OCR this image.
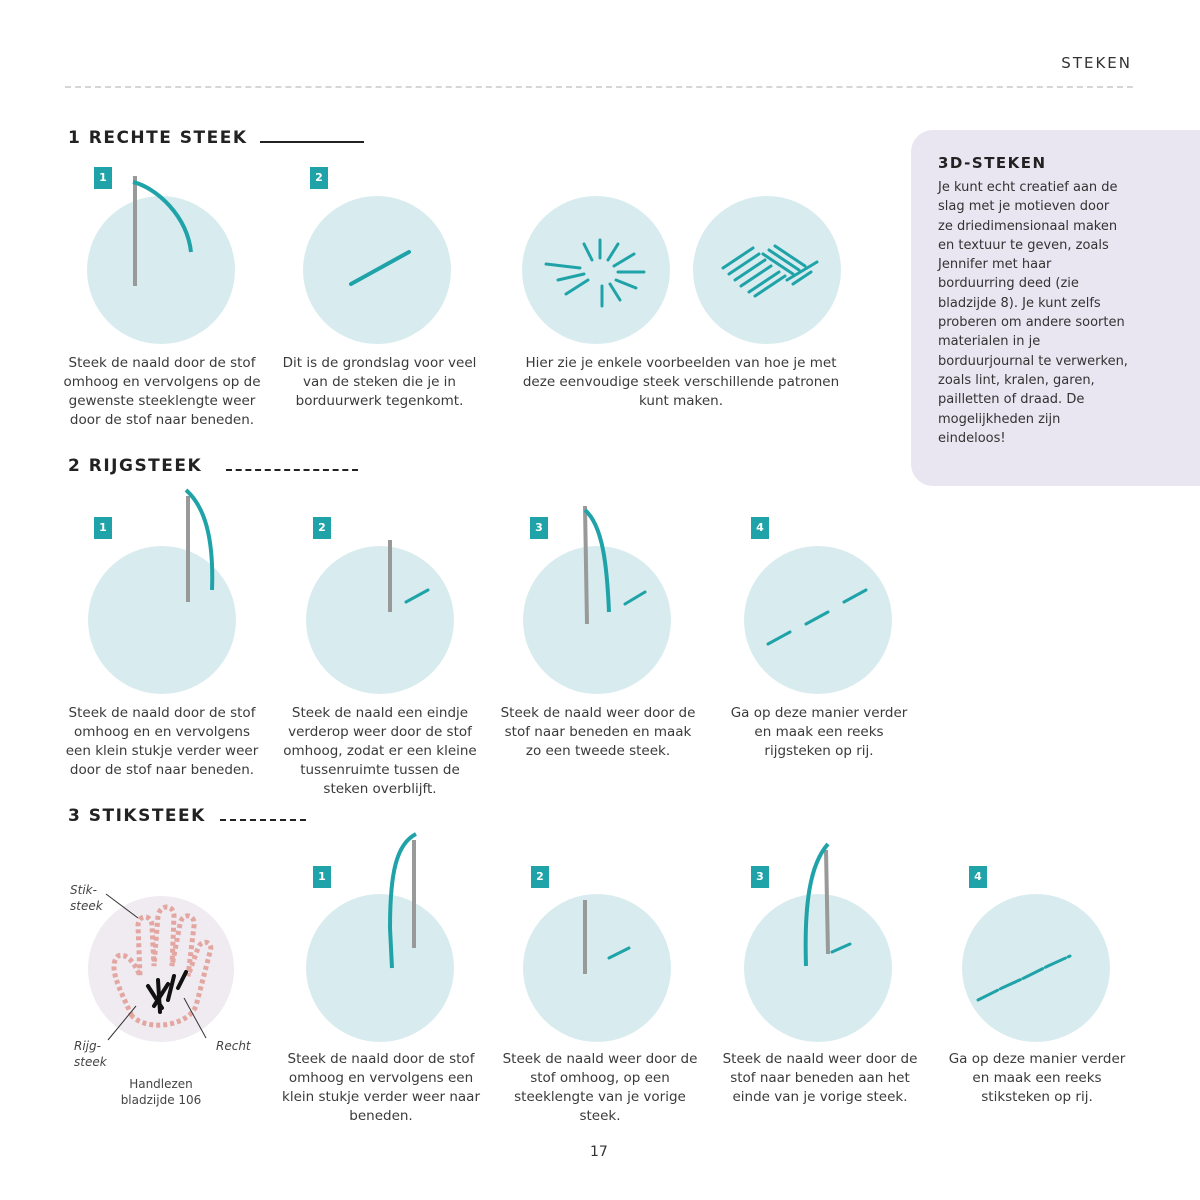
STEKEN
1 RECHTE STEEK
1	2
Steek de naald door de stof omhoog en vervolgens op de gewenste steeklengte weer door de stof naar beneden.
Dit is de grondslag voor veel van de steken die je in borduurwerk tegenkomt.
Hier zie je enkele voorbeelden van hoe je met deze eenvoudige steek verschillende patronen kunt maken.
2 RIJGSTEEK
1	2	3	4
Steek de naald door de stof omhoog en en vervolgens een klein stukje verder weer door de stof naar beneden.
Steek de naald een eindje verderop weer door de stof omhoog, zodat er een kleine tussenruimte tussen de steken overblijft.
Steek de naald weer door de stof naar beneden en maak zo een tweede steek.
Ga op deze manier verder en maak een reeks rijgsteken op rij.
3 STIKSTEEK
Stik-
steek
Rijg-
steek
Recht
Handlezen
bladzijde 106
1	2	3	4
Steek de naald door de stof omhoog en vervolgens een klein stukje verder weer naar beneden.
Steek de naald weer door de stof omhoog, op een steeklengte van je vorige steek.
Steek de naald weer door de stof naar beneden aan het einde van je vorige steek.
Ga op deze manier verder en maak een reeks stiksteken op rij.
3D-STEKEN
Je kunt echt creatief aan de slag met je motieven door ze driedimensionaal maken en textuur te geven, zoals Jennifer met haar borduurring deed (zie bladzijde 8). Je kunt zelfs proberen om andere soorten materialen in je borduurjournal te verwerken, zoals lint, kralen, garen, pailletten of draad. De mogelijkheden zijn eindeloos!
17
